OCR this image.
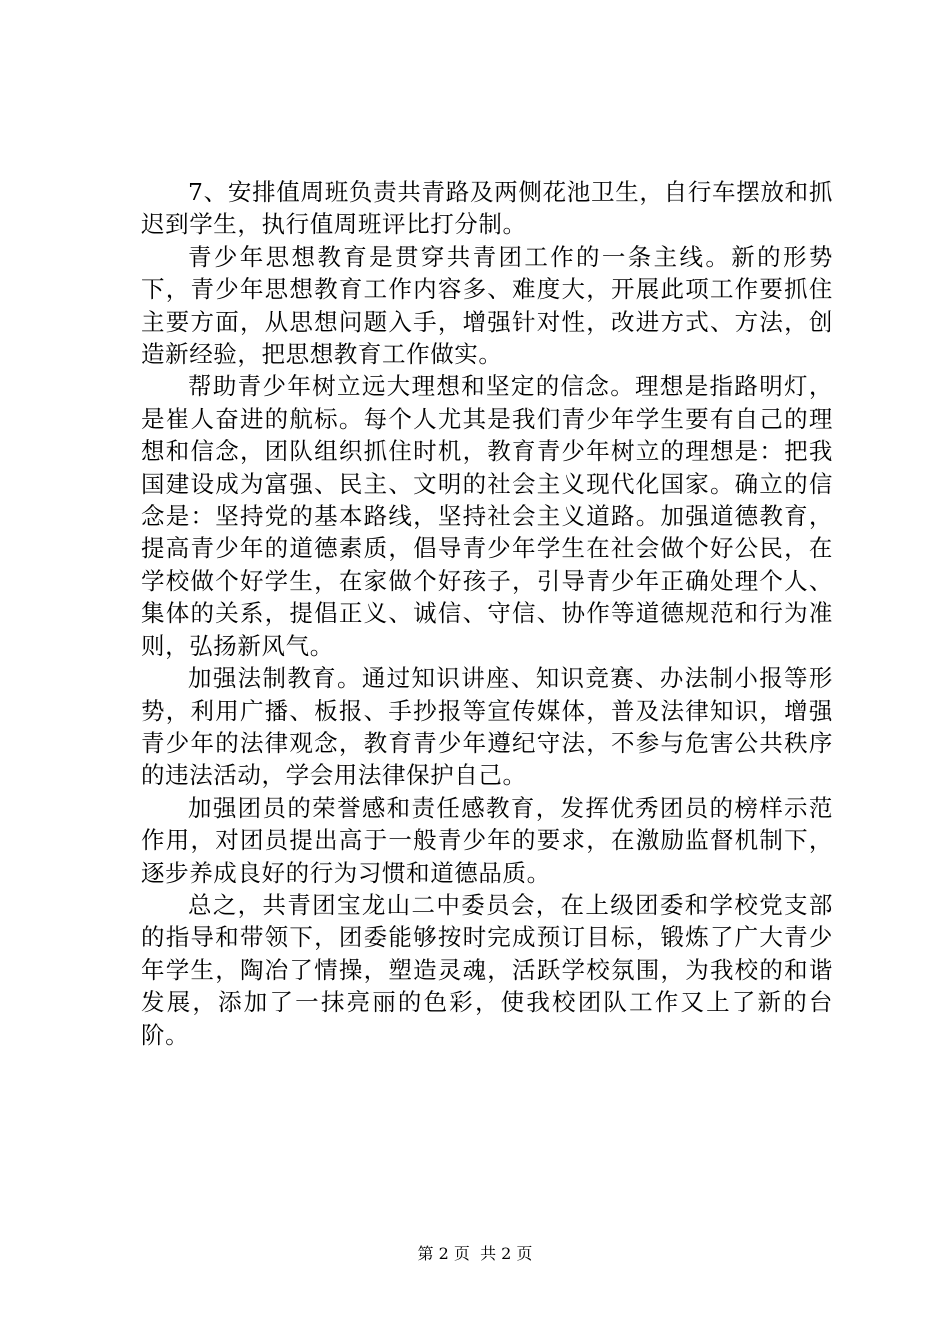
7、安排值周班负责共青路及两侧花池卫生，自行车摆放和抓迟到学生，执行值周班评比打分制。

青少年思想教育是贯穿共青团工作的一条主线。新的形势下，青少年思想教育工作内容多、难度大，开展此项工作要抓住主要方面，从思想问题入手，增强针对性，改进方式、方法，创造新经验，把思想教育工作做实。

帮助青少年树立远大理想和坚定的信念。理想是指路明灯，是崔人奋进的航标。每个人尤其是我们青少年学生要有自己的理想和信念，团队组织抓住时机，教育青少年树立的理想是：把我国建设成为富强、民主、文明的社会主义现代化国家。确立的信念是：坚持党的基本路线，坚持社会主义道路。加强道德教育，提高青少年的道德素质，倡导青少年学生在社会做个好公民，在学校做个好学生，在家做个好孩子，引导青少年正确处理个人、集体的关系，提倡正义、诚信、守信、协作等道德规范和行为准则，弘扬新风气。

加强法制教育。通过知识讲座、知识竞赛、办法制小报等形势，利用广播、板报、手抄报等宣传媒体，普及法律知识，增强青少年的法律观念，教育青少年遵纪守法，不参与危害公共秩序的违法活动，学会用法律保护自己。

加强团员的荣誉感和责任感教育，发挥优秀团员的榜样示范作用，对团员提出高于一般青少年的要求，在激励监督机制下，逐步养成良好的行为习惯和道德品质。

总之，共青团宝龙山二中委员会，在上级团委和学校党支部的指导和带领下，团委能够按时完成预订目标，锻炼了广大青少年学生，陶冶了情操，塑造灵魂，活跃学校氛围，为我校的和谐发展，添加了一抹亮丽的色彩，使我校团队工作又上了新的台阶。

第 2 页  共 2 页
